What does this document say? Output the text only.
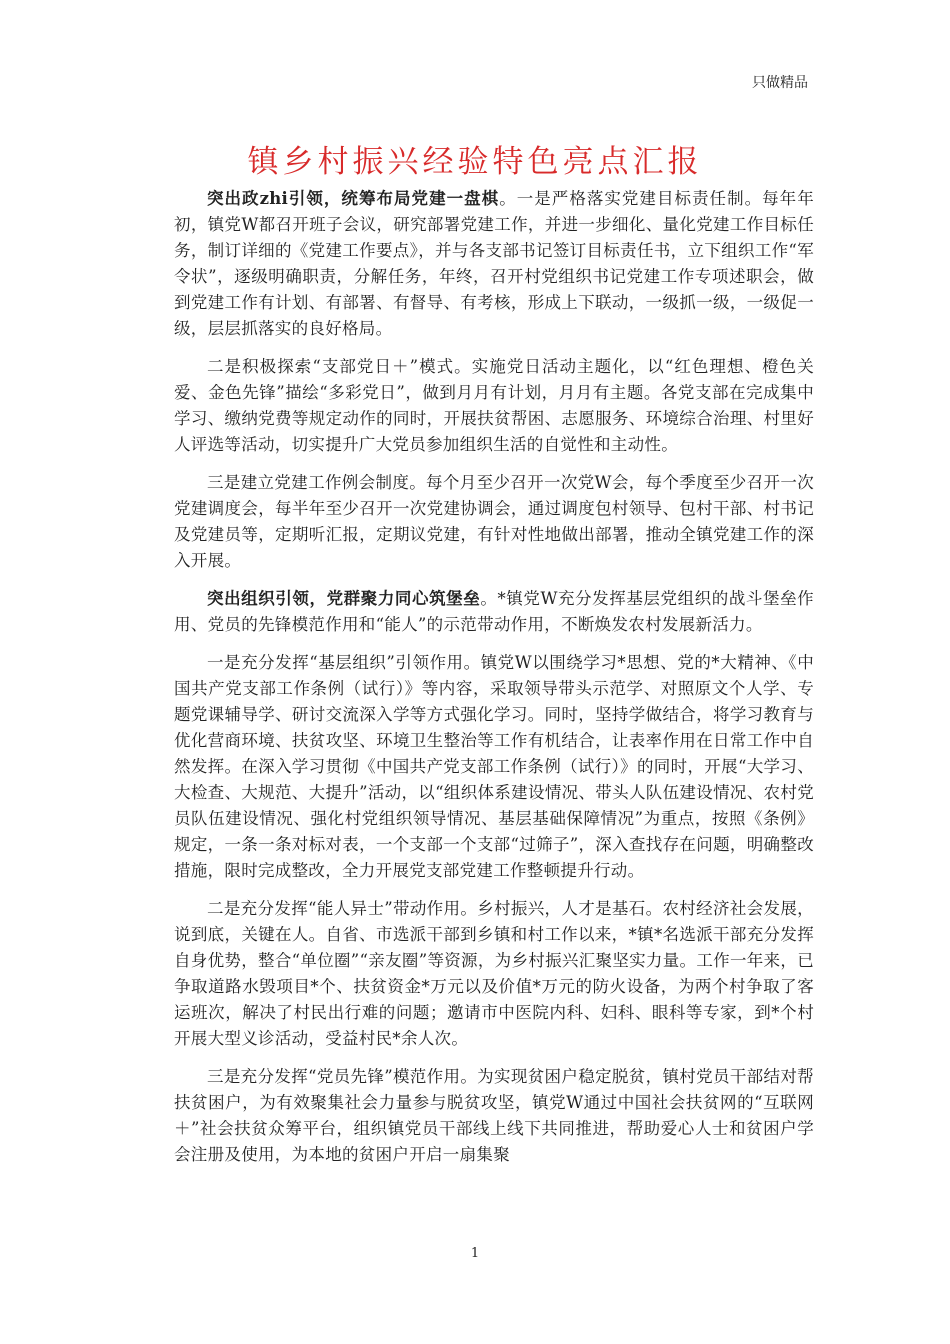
只做精品
镇乡村振兴经验特色亮点汇报

突出政zhi引领，统筹布局党建一盘棋。一是严格落实党建目标责任制。每年年初，镇党W都召开班子会议，研究部署党建工作，并进一步细化、量化党建工作目标任务，制订详细的《党建工作要点》，并与各支部书记签订目标责任书，立下组织工作“军令状”，逐级明确职责，分解任务，年终，召开村党组织书记党建工作专项述职会，做到党建工作有计划、有部署、有督导、有考核，形成上下联动，一级抓一级，一级促一级，层层抓落实的良好格局。

二是积极探索“支部党日＋”模式。实施党日活动主题化，以“红色理想、橙色关爱、金色先锋”描绘“多彩党日”，做到月月有计划，月月有主题。各党支部在完成集中学习、缴纳党费等规定动作的同时，开展扶贫帮困、志愿服务、环境综合治理、村里好人评选等活动，切实提升广大党员参加组织生活的自觉性和主动性。

三是建立党建工作例会制度。每个月至少召开一次党W会，每个季度至少召开一次党建调度会，每半年至少召开一次党建协调会，通过调度包村领导、包村干部、村书记及党建员等，定期听汇报，定期议党建，有针对性地做出部署，推动全镇党建工作的深入开展。

突出组织引领，党群聚力同心筑堡垒。*镇党W充分发挥基层党组织的战斗堡垒作用、党员的先锋模范作用和“能人”的示范带动作用，不断焕发农村发展新活力。

一是充分发挥“基层组织”引领作用。镇党W以围绕学习*思想、党的*大精神、《中国共产党支部工作条例（试行）》等内容，采取领导带头示范学、对照原文个人学、专题党课辅导学、研讨交流深入学等方式强化学习。同时，坚持学做结合，将学习教育与优化营商环境、扶贫攻坚、环境卫生整治等工作有机结合，让表率作用在日常工作中自然发挥。在深入学习贯彻《中国共产党支部工作条例（试行）》的同时，开展“大学习、大检查、大规范、大提升”活动，以“组织体系建设情况、带头人队伍建设情况、农村党员队伍建设情况、强化村党组织领导情况、基层基础保障情况”为重点，按照《条例》规定，一条一条对标对表，一个支部一个支部“过筛子”，深入查找存在问题，明确整改措施，限时完成整改，全力开展党支部党建工作整顿提升行动。

二是充分发挥“能人异士”带动作用。乡村振兴，人才是基石。农村经济社会发展，说到底，关键在人。自省、市选派干部到乡镇和村工作以来，*镇*名选派干部充分发挥自身优势，整合“单位圈”“亲友圈”等资源，为乡村振兴汇聚坚实力量。工作一年来，已争取道路水毁项目*个、扶贫资金*万元以及价值*万元的防火设备，为两个村争取了客运班次，解决了村民出行难的问题；邀请市中医院内科、妇科、眼科等专家，到*个村开展大型义诊活动，受益村民*余人次。

三是充分发挥“党员先锋”模范作用。为实现贫困户稳定脱贫，镇村党员干部结对帮扶贫困户，为有效聚集社会力量参与脱贫攻坚，镇党W通过中国社会扶贫网的“互联网＋”社会扶贫众筹平台，组织镇党员干部线上线下共同推进，帮助爱心人士和贫困户学会注册及使用，为本地的贫困户开启一扇集聚

1
